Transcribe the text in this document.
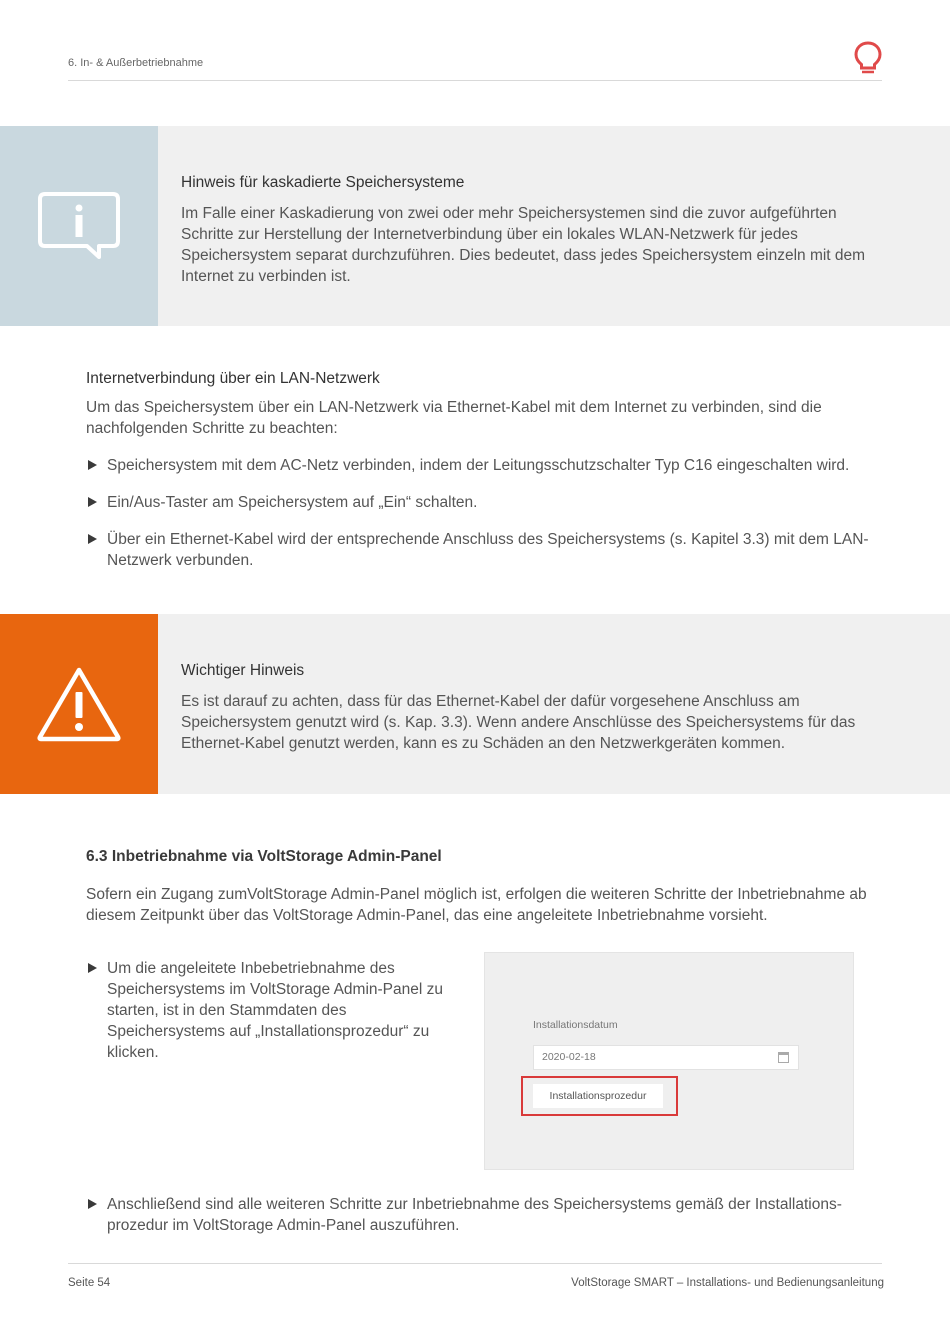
6. In- & Außerbetriebnahme
Hinweis für kaskadierte Speichersysteme
Im Falle einer Kaskadierung von zwei oder mehr Speichersystemen sind die zuvor aufgeführten Schritte zur Herstellung der Internetverbindung über ein lokales WLAN-Netzwerk für jedes Speichersystem separat durchzuführen. Dies bedeutet, dass jedes Speichersystem einzeln mit dem Internet zu verbinden ist.
Internetverbindung über ein LAN-Netzwerk
Um das Speichersystem über ein LAN-Netzwerk via Ethernet-Kabel mit dem Internet zu verbinden, sind die nachfolgenden Schritte zu beachten:
Speichersystem mit dem AC-Netz verbinden, indem der Leitungsschutzschalter Typ C16 eingeschalten wird.
Ein/Aus-Taster am Speichersystem auf „Ein“ schalten.
Über ein Ethernet-Kabel wird der entsprechende Anschluss des Speichersystems (s. Kapitel 3.3) mit dem LAN-Netzwerk verbunden.
Wichtiger Hinweis
Es ist darauf zu achten, dass für das Ethernet-Kabel der dafür vorgesehene Anschluss am Speichersystem genutzt wird (s. Kap. 3.3). Wenn andere Anschlüsse des Speichersystems für das Ethernet-Kabel genutzt werden, kann es zu Schäden an den Netzwerkgeräten kommen.
6.3 Inbetriebnahme via VoltStorage Admin-Panel
Sofern ein Zugang zumVoltStorage Admin-Panel möglich ist, erfolgen die weiteren Schritte der Inbetriebnahme ab diesem Zeitpunkt über das VoltStorage Admin-Panel, das eine angeleitete Inbetriebnahme vorsieht.
Um die angeleitete Inbebetriebnahme des Speichersystems im VoltStorage Admin-Panel zu starten, ist in den Stammdaten des Speichersystems auf „Installationsprozedur“ zu klicken.
Installationsdatum
2020-02-18
Installationsprozedur
Anschließend sind alle weiteren Schritte zur Inbetriebnahme des Speichersystems gemäß der Installations-prozedur im VoltStorage Admin-Panel auszuführen.
Seite 54	VoltStorage SMART – Installations- und Bedienungsanleitung
